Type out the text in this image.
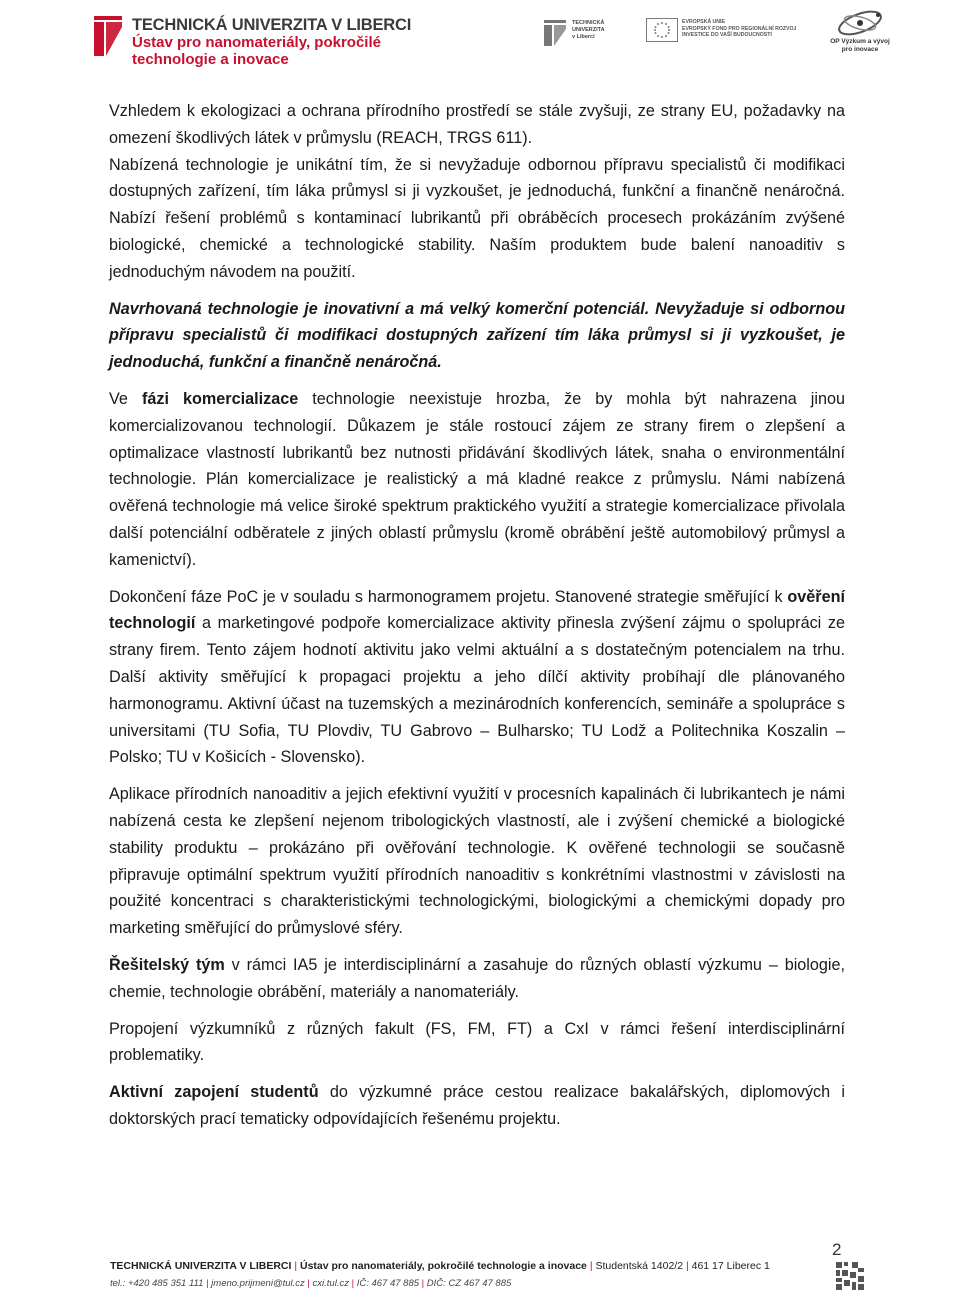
TECHNICKÁ UNIVERZITA V LIBERCI
Ústav pro nanomateriály, pokročilé
technologie a inovace
TECHNICKÁ
UNIVERZITA
v Liberci
EVROPSKÁ UNIE
EVROPSKÝ FOND PRO REGIONÁLNÍ ROZVOJ
INVESTICE DO VAŠÍ BUDOUCNOSTI
OP Výzkum a vývoj
pro inovace

Vzhledem k ekologizaci a ochrana přírodního prostředí se stále zvyšuji, ze strany EU, požadavky na omezení škodlivých látek v průmyslu (REACH, TRGS 611).

Nabízená technologie je unikátní tím, že si nevyžaduje odbornou přípravu specialistů či modifikaci dostupných zařízení, tím láka průmysl si ji vyzkoušet, je jednoduchá, funkční a finančně nenáročná. Nabízí řešení problémů s kontaminací lubrikantů při obráběcích procesech prokázáním zvýšené biologické, chemické a technologické stability. Naším produktem bude balení nanoaditiv s jednoduchým návodem na použití.

Navrhovaná technologie je inovativní a má velký komerční potenciál. Nevyžaduje si odbornou přípravu specialistů či modifikaci dostupných zařízení tím láka průmysl si ji vyzkoušet, je jednoduchá, funkční a finančně nenáročná.

Ve fázi komercializace technologie neexistuje hrozba, že by mohla být nahrazena jinou komercializovanou technologií. Důkazem je stále rostoucí zájem ze strany firem o zlepšení a optimalizace vlastností lubrikantů bez nutnosti přidávání škodlivých látek, snaha o environmentální technologie. Plán komercializace je realistický a má kladné reakce z průmyslu. Námi nabízená ověřená technologie má velice široké spektrum praktického využití a strategie komercializace přivolala další potenciální odběratele z jiných oblastí průmyslu (kromě obrábění ještě automobilový průmysl a kamenictví).

Dokončení fáze PoC je v souladu s harmonogramem projetu. Stanovené strategie směřující k ověření technologií a marketingové podpoře komercializace aktivity přinesla zvýšení zájmu o spolupráci ze strany firem. Tento zájem hodnotí aktivitu jako velmi aktuální a s dostatečným potencialem na trhu. Další aktivity směřující k propagaci projektu a jeho dílčí aktivity probíhají dle plánovaného harmonogramu. Aktivní účast na tuzemských a mezinárodních konferencích, semináře a spolupráce s universitami (TU Sofia, TU Plovdiv, TU Gabrovo – Bulharsko; TU Lodž a Politechnika Koszalin – Polsko; TU v Košicích - Slovensko).

Aplikace přírodních nanoaditiv a jejich efektivní využití v procesních kapalinách či lubrikantech je námi nabízená cesta ke zlepšení nejenom tribologických vlastností, ale i zvýšení chemické a biologické stability produktu – prokázáno při ověřování technologie. K ověřené technologii se současně připravuje optimální spektrum využití přírodních nanoaditiv s konkrétními vlastnostmi v závislosti na použité koncentraci s charakteristickými technologickými, biologickými a chemickými dopady pro marketing směřující do průmyslové sféry.

Řešitelský tým v rámci IA5 je interdisciplinární a zasahuje do různých oblastí výzkumu – biologie, chemie, technologie obrábění, materiály a nanomateriály.

Propojení výzkumníků z různých fakult (FS, FM, FT) a CxI v rámci řešení interdisciplinární problematiky.

Aktivní zapojení studentů do výzkumné práce cestou realizace bakalářských, diplomových i doktorských prací tematicky odpovídajících řešenému projektu.

2
TECHNICKÁ UNIVERZITA V LIBERCI | Ústav pro nanomateriály, pokročilé technologie a inovace | Studentská 1402/2 | 461 17 Liberec 1
tel.: +420 485 351 111 | jmeno.prijmeni@tul.cz | cxi.tul.cz | IČ: 467 47 885 | DIČ: CZ 467 47 885
